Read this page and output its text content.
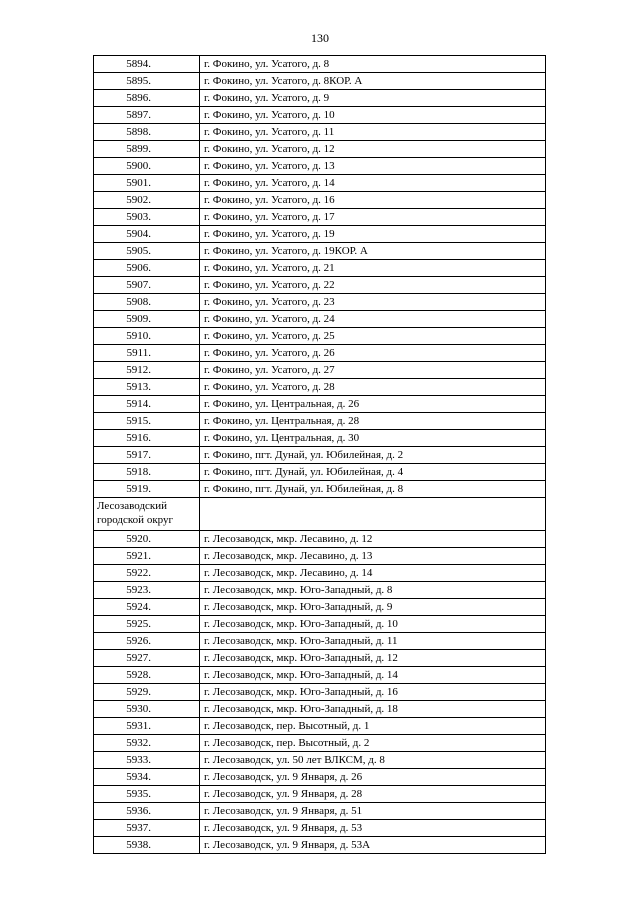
130
5894.	г. Фокино, ул. Усатого, д. 8
5895.	г. Фокино, ул. Усатого, д. 8КОР. А
5896.	г. Фокино, ул. Усатого, д. 9
5897.	г. Фокино, ул. Усатого, д. 10
5898.	г. Фокино, ул. Усатого, д. 11
5899.	г. Фокино, ул. Усатого, д. 12
5900.	г. Фокино, ул. Усатого, д. 13
5901.	г. Фокино, ул. Усатого, д. 14
5902.	г. Фокино, ул. Усатого, д. 16
5903.	г. Фокино, ул. Усатого, д. 17
5904.	г. Фокино, ул. Усатого, д. 19
5905.	г. Фокино, ул. Усатого, д. 19КОР. А
5906.	г. Фокино, ул. Усатого, д. 21
5907.	г. Фокино, ул. Усатого, д. 22
5908.	г. Фокино, ул. Усатого, д. 23
5909.	г. Фокино, ул. Усатого, д. 24
5910.	г. Фокино, ул. Усатого, д. 25
5911.	г. Фокино, ул. Усатого, д. 26
5912.	г. Фокино, ул. Усатого, д. 27
5913.	г. Фокино, ул. Усатого, д. 28
5914.	г. Фокино, ул. Центральная, д. 26
5915.	г. Фокино, ул. Центральная, д. 28
5916.	г. Фокино, ул. Центральная, д. 30
5917.	г. Фокино, пгт. Дунай, ул. Юбилейная, д. 2
5918.	г. Фокино, пгт. Дунай, ул. Юбилейная, д. 4
5919.	г. Фокино, пгт. Дунай, ул. Юбилейная, д. 8
Лесозаводский городской округ	
5920.	г. Лесозаводск, мкр. Лесавино, д. 12
5921.	г. Лесозаводск, мкр. Лесавино, д. 13
5922.	г. Лесозаводск, мкр. Лесавино, д. 14
5923.	г. Лесозаводск, мкр. Юго-Западный, д. 8
5924.	г. Лесозаводск, мкр. Юго-Западный, д. 9
5925.	г. Лесозаводск, мкр. Юго-Западный, д. 10
5926.	г. Лесозаводск, мкр. Юго-Западный, д. 11
5927.	г. Лесозаводск, мкр. Юго-Западный, д. 12
5928.	г. Лесозаводск, мкр. Юго-Западный, д. 14
5929.	г. Лесозаводск, мкр. Юго-Западный, д. 16
5930.	г. Лесозаводск, мкр. Юго-Западный, д. 18
5931.	г. Лесозаводск, пер. Высотный, д. 1
5932.	г. Лесозаводск, пер. Высотный, д. 2
5933.	г. Лесозаводск, ул. 50 лет ВЛКСМ, д. 8
5934.	г. Лесозаводск, ул. 9 Января, д. 26
5935.	г. Лесозаводск, ул. 9 Января, д. 28
5936.	г. Лесозаводск, ул. 9 Января, д. 51
5937.	г. Лесозаводск, ул. 9 Января, д. 53
5938.	г. Лесозаводск, ул. 9 Января, д. 53А
